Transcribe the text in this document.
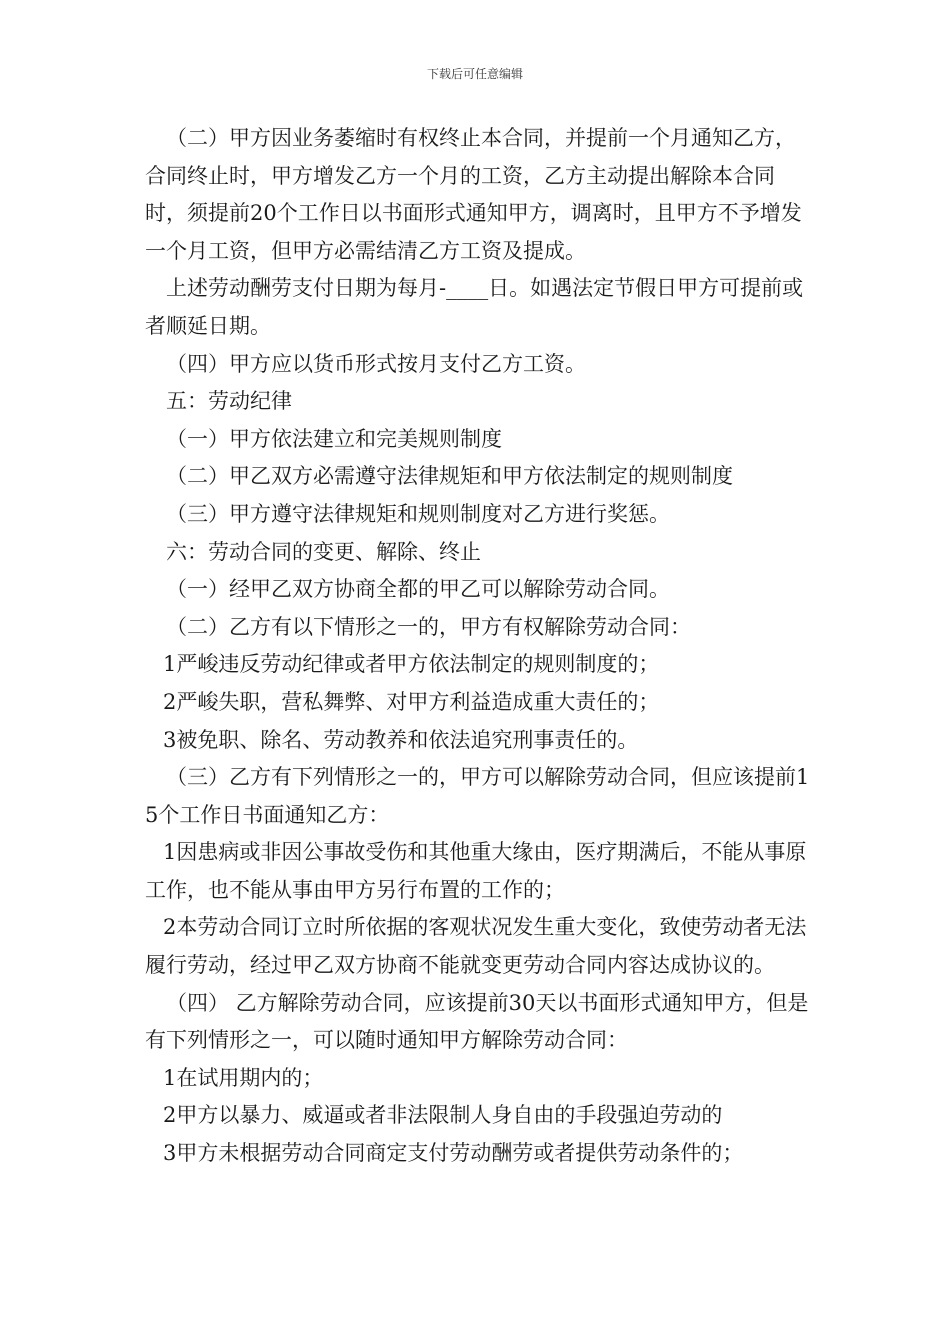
下载后可任意编辑

（二）甲方因业务萎缩时有权终止本合同，并提前一个月通知乙方，合同终止时，甲方增发乙方一个月的工资，乙方主动提出解除本合同时，须提前20个工作日以书面形式通知甲方，调离时，且甲方不予增发一个月工资，但甲方必需结清乙方工资及提成。

上述劳动酬劳支付日期为每月-____日。如遇法定节假日甲方可提前或者顺延日期。

（四）甲方应以货币形式按月支付乙方工资。

五：劳动纪律

（一）甲方依法建立和完美规则制度

（二）甲乙双方必需遵守法律规矩和甲方依法制定的规则制度

（三）甲方遵守法律规矩和规则制度对乙方进行奖惩。

六：劳动合同的变更、解除、终止

（一）经甲乙双方协商全都的甲乙可以解除劳动合同。

（二）乙方有以下情形之一的，甲方有权解除劳动合同：

1严峻违反劳动纪律或者甲方依法制定的规则制度的；

2严峻失职，营私舞弊、对甲方利益造成重大责任的；

3被免职、除名、劳动教养和依法追究刑事责任的。

（三）乙方有下列情形之一的，甲方可以解除劳动合同，但应该提前15个工作日书面通知乙方：

1因患病或非因公事故受伤和其他重大缘由，医疗期满后，不能从事原工作，也不能从事由甲方另行布置的工作的；

2本劳动合同订立时所依据的客观状况发生重大变化，致使劳动者无法履行劳动，经过甲乙双方协商不能就变更劳动合同内容达成协议的。

（四） 乙方解除劳动合同，应该提前30天以书面形式通知甲方，但是有下列情形之一，可以随时通知甲方解除劳动合同：

1在试用期内的；

2甲方以暴力、威逼或者非法限制人身自由的手段强迫劳动的

3甲方未根据劳动合同商定支付劳动酬劳或者提供劳动条件的；
